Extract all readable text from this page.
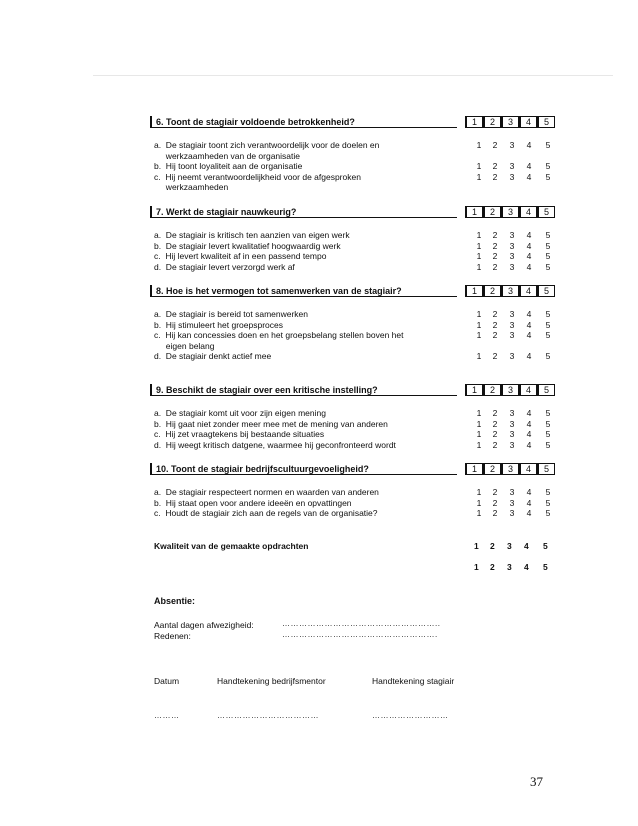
6. Toont de stagiair voldoende betrokkenheid?	1	2	3	4	5
a.  De stagiair toont zich verantwoordelijk voor de doelen en	1	2	3	4	5
werkzaamheden van de organisatie
b.  Hij toont loyaliteit aan de organisatie	1	2	3	4	5
c.  Hij neemt verantwoordelijkheid voor de afgesproken	1	2	3	4	5
werkzaamheden
7. Werkt de stagiair nauwkeurig?	1	2	3	4	5
a.  De stagiair is kritisch ten aanzien van eigen werk	1	2	3	4	5
b.  De stagiair levert kwalitatief hoogwaardig werk	1	2	3	4	5
c.  Hij levert kwaliteit af in een passend tempo	1	2	3	4	5
d.  De stagiair levert verzorgd werk af	1	2	3	4	5
8. Hoe is het vermogen tot samenwerken van de stagiair?	1	2	3	4	5
a.  De stagiair is bereid tot samenwerken	1	2	3	4	5
b.  Hij stimuleert het groepsproces	1	2	3	4	5
c.  Hij kan concessies doen en het groepsbelang stellen boven het	1	2	3	4	5
eigen belang
d.  De stagiair denkt actief mee	1	2	3	4	5
9. Beschikt de stagiair over een kritische instelling?	1	2	3	4	5
a.  De stagiair komt uit voor zijn eigen mening	1	2	3	4	5
b.  Hij gaat niet zonder meer mee met de mening van anderen	1	2	3	4	5
c.  Hij zet vraagtekens bij bestaande situaties	1	2	3	4	5
d.  Hij weegt kritisch datgene, waarmee hij geconfronteerd wordt	1	2	3	4	5
10. Toont de stagiair bedrijfscultuurgevoeligheid?	1	2	3	4	5
a.  De stagiair respecteert normen en waarden van anderen	1	2	3	4	5
b.  Hij staat open voor andere ideeën en opvattingen	1	2	3	4	5
c.  Houdt de stagiair zich aan de regels van de organisatie?	1	2	3	4	5
Kwaliteit van de gemaakte opdrachten	1 2 3 4 5
1 2 3 4 5
Absentie:
Aantal dagen afwezigheid:	………………………………………………..
Redenen:	……………………………………………….
Datum	Handtekening bedrijfsmentor	Handtekening stagiair
………	………………………………	………………………
37
